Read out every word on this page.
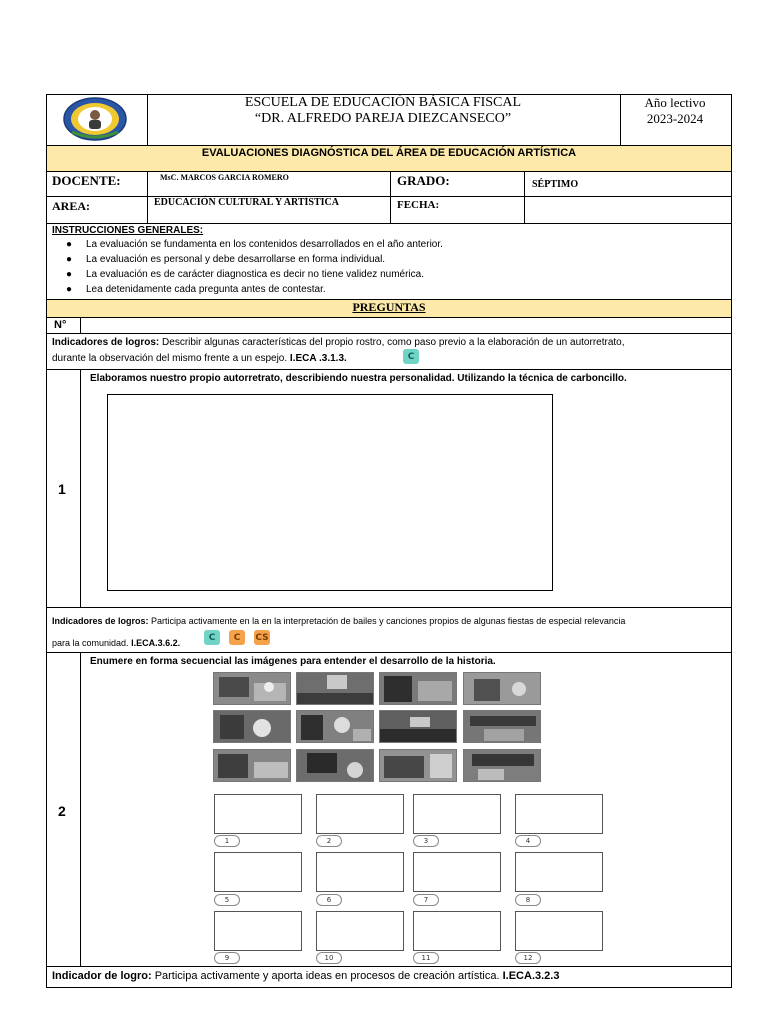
ESCUELA DE EDUCACIÓN BÁSICA FISCAL
“DR. ALFREDO PAREJA DIEZCANSECO”
Año lectivo
2023-2024
EVALUACIONES DIAGNÓSTICA DEL ÁREA DE EDUCACIÓN ARTÍSTICA
DOCENTE:	MsC. MARCOS GARCIA ROMERO	GRADO:	SÉPTIMO
AREA:	EDUCACIÓN CULTURAL Y ARTÍSTICA	FECHA:
INSTRUCCIONES GENERALES:
● La evaluación se fundamenta en los contenidos desarrollados en el año anterior.
● La evaluación es personal y debe desarrollarse en forma individual.
● La evaluación es de carácter diagnostica es decir no tiene validez numérica.
● Lea detenidamente cada pregunta antes de contestar.
PREGUNTAS
N°
Indicadores de logros: Describir algunas características del propio rostro, como paso previo a la elaboración de un autorretrato,
durante la observación del mismo frente a un espejo. I.ECA .3.1.3.	C
1
Elaboramos nuestro propio autorretrato, describiendo nuestra personalidad. Utilizando la técnica de carboncillo.
Indicadores de logros: Participa activamente en la en la interpretación de bailes y canciones propios de algunas fiestas de especial relevancia
para la comunidad. I.ECA.3.6.2.
C	C	CS
2
Enumere en forma secuencial las imágenes para entender el desarrollo de la historia.
1	2	3	4
5	6	7	8
9	10	11	12
Indicador de logro: Participa activamente y aporta ideas en procesos de creación artística. I.ECA.3.2.3
